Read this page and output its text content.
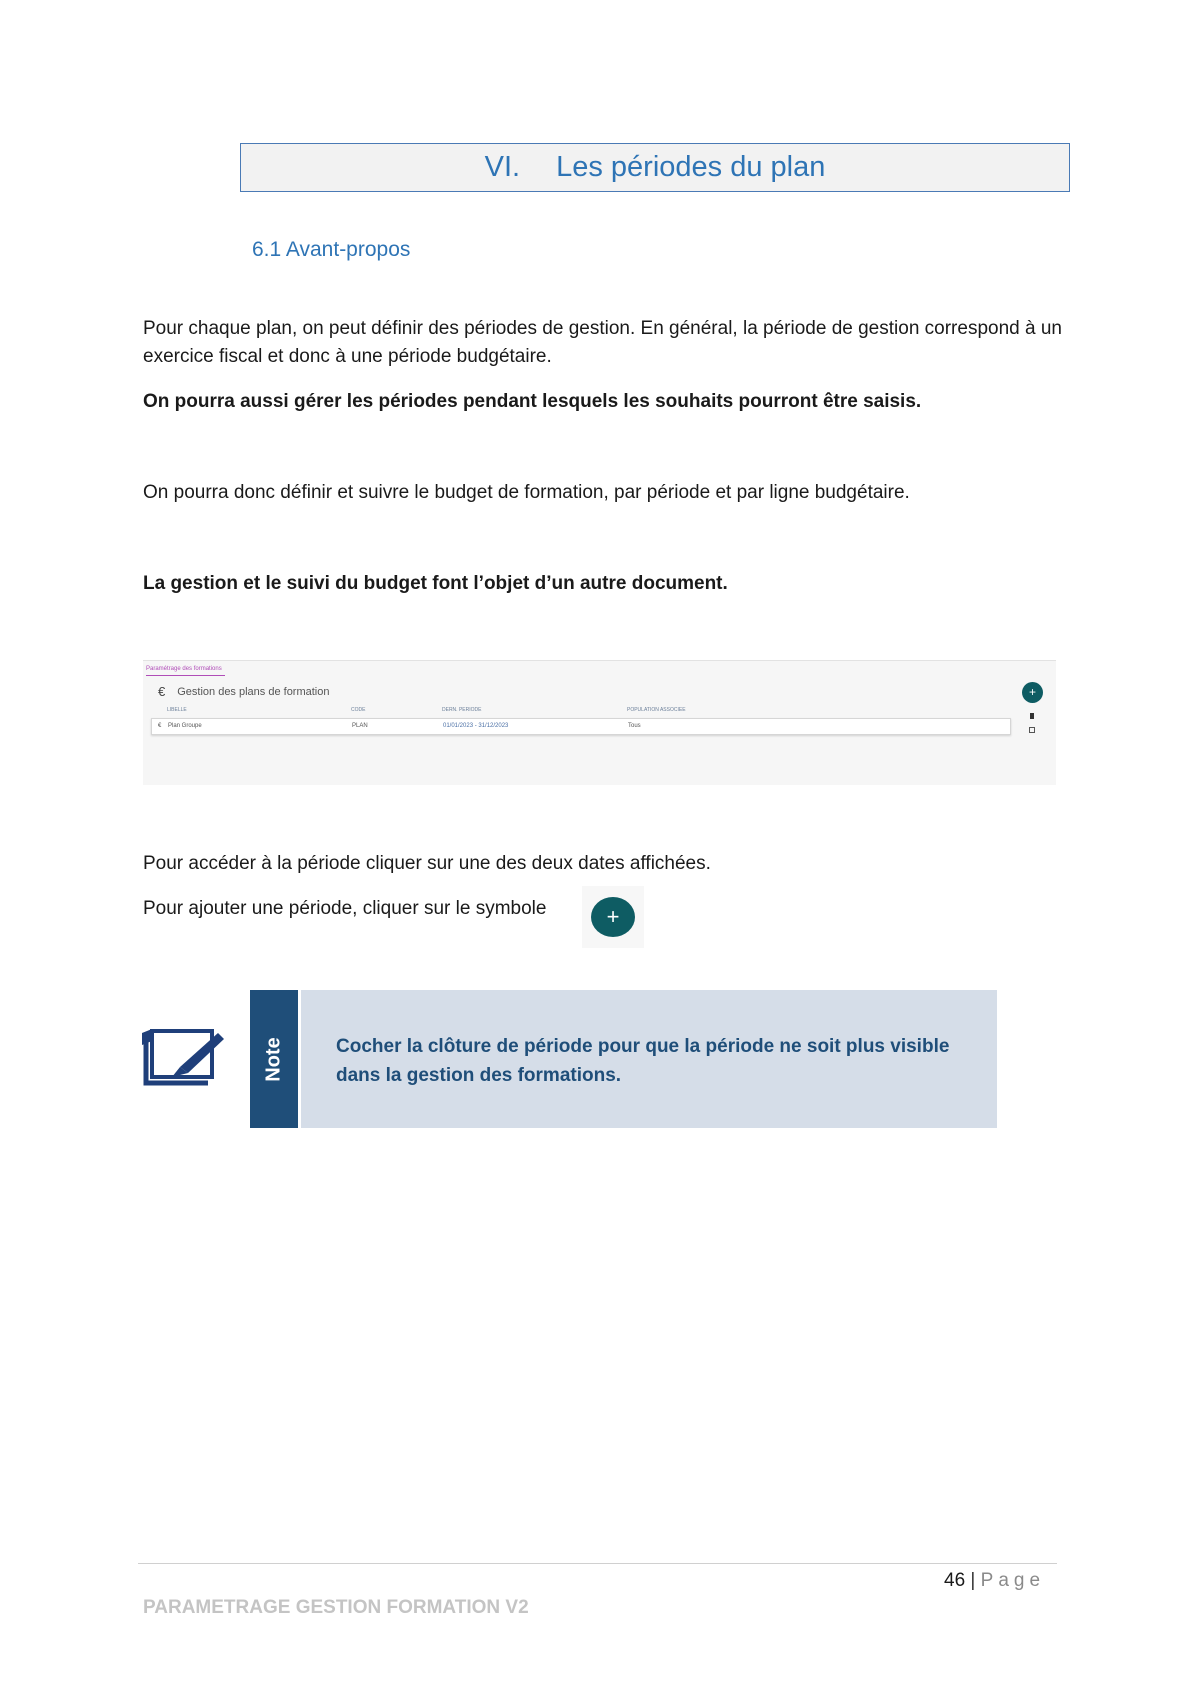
VI. Les périodes du plan
6.1 Avant-propos

Pour chaque plan, on peut définir des périodes de gestion. En général, la période de gestion correspond à un exercice fiscal et donc à une période budgétaire.

On pourra aussi gérer les périodes pendant lesquels les souhaits pourront être saisis.

On pourra donc définir et suivre le budget de formation, par période et par ligne budgétaire.

La gestion et le suivi du budget font l’objet d’un autre document.

Paramétrage des formations
€ Gestion des plans de formation
LIBELLE	CODE	DERN. PERIODE	POPULATION ASSOCIEE
€ Plan Groupe	PLAN	01/01/2023 - 31/12/2023	Tous
+

Pour accéder à la période cliquer sur une des deux dates affichées.

Pour ajouter une période, cliquer sur le symbole	+
Note	Cocher la clôture de période pour que la période ne soit plus visible dans la gestion des formations.
46 | Page
PARAMETRAGE GESTION FORMATION V2
